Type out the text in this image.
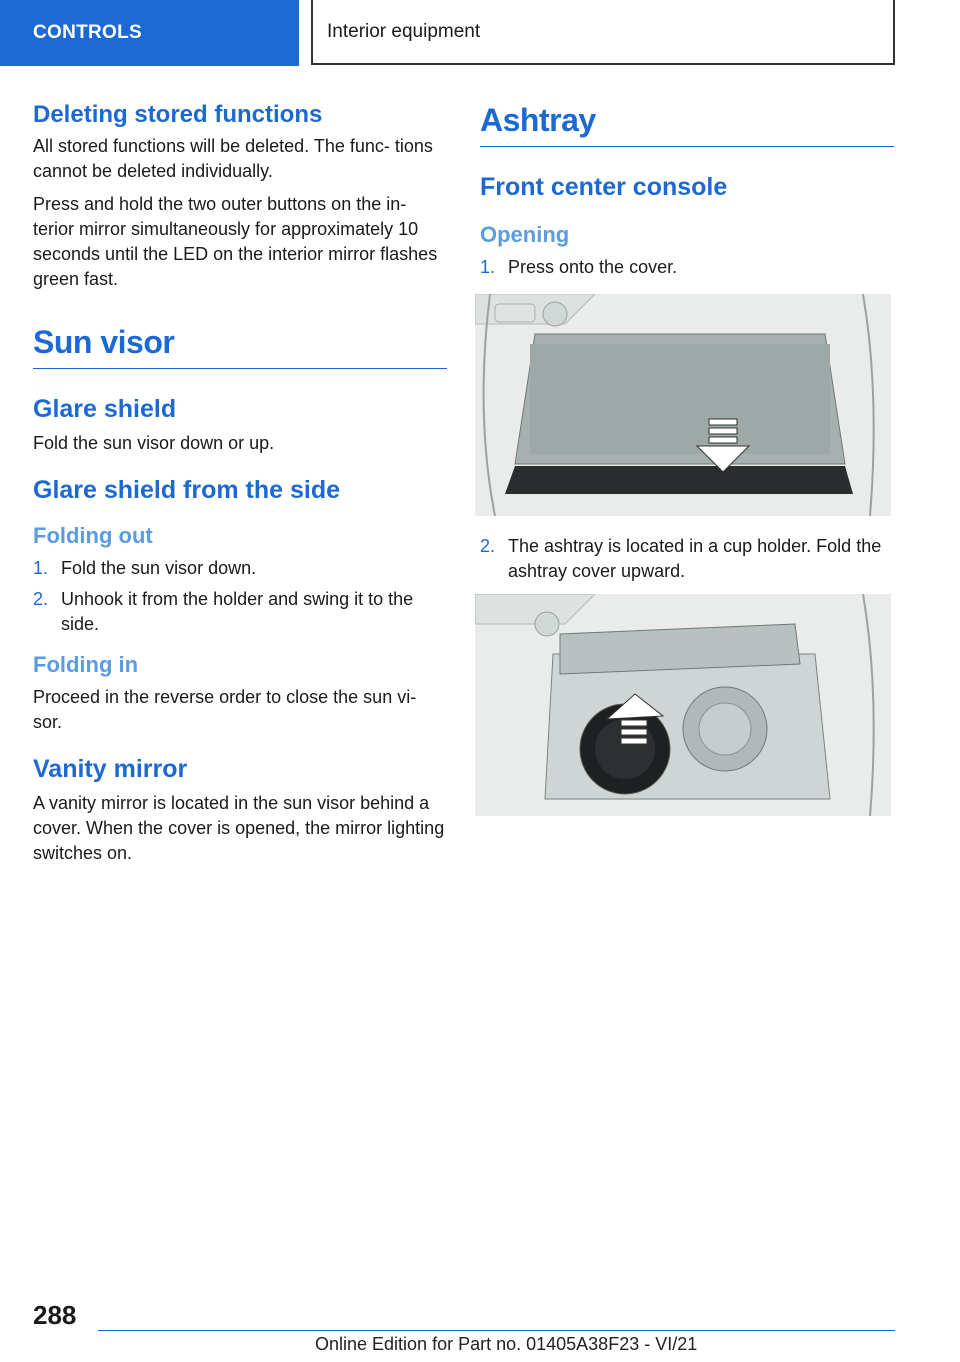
CONTROLS	Interior equipment
Deleting stored functions

All stored functions will be deleted. The func‐ tions cannot be deleted individually.

Press and hold the two outer buttons on the in‐ terior mirror simultaneously for approximately 10 seconds until the LED on the interior mirror flashes green fast.

Sun visor
Glare shield

Fold the sun visor down or up.

Glare shield from the side
Folding out
1. Fold the sun visor down.
2. Unhook it from the holder and swing it to the side.
Folding in

Proceed in the reverse order to close the sun vi‐ sor.

Vanity mirror

A vanity mirror is located in the sun visor behind a cover. When the cover is opened, the mirror lighting switches on.

Ashtray
Front center console
Opening
1. Press onto the cover.
2. The ashtray is located in a cup holder. Fold the ashtray cover upward.
288
Online Edition for Part no. 01405A38F23 - VI/21
